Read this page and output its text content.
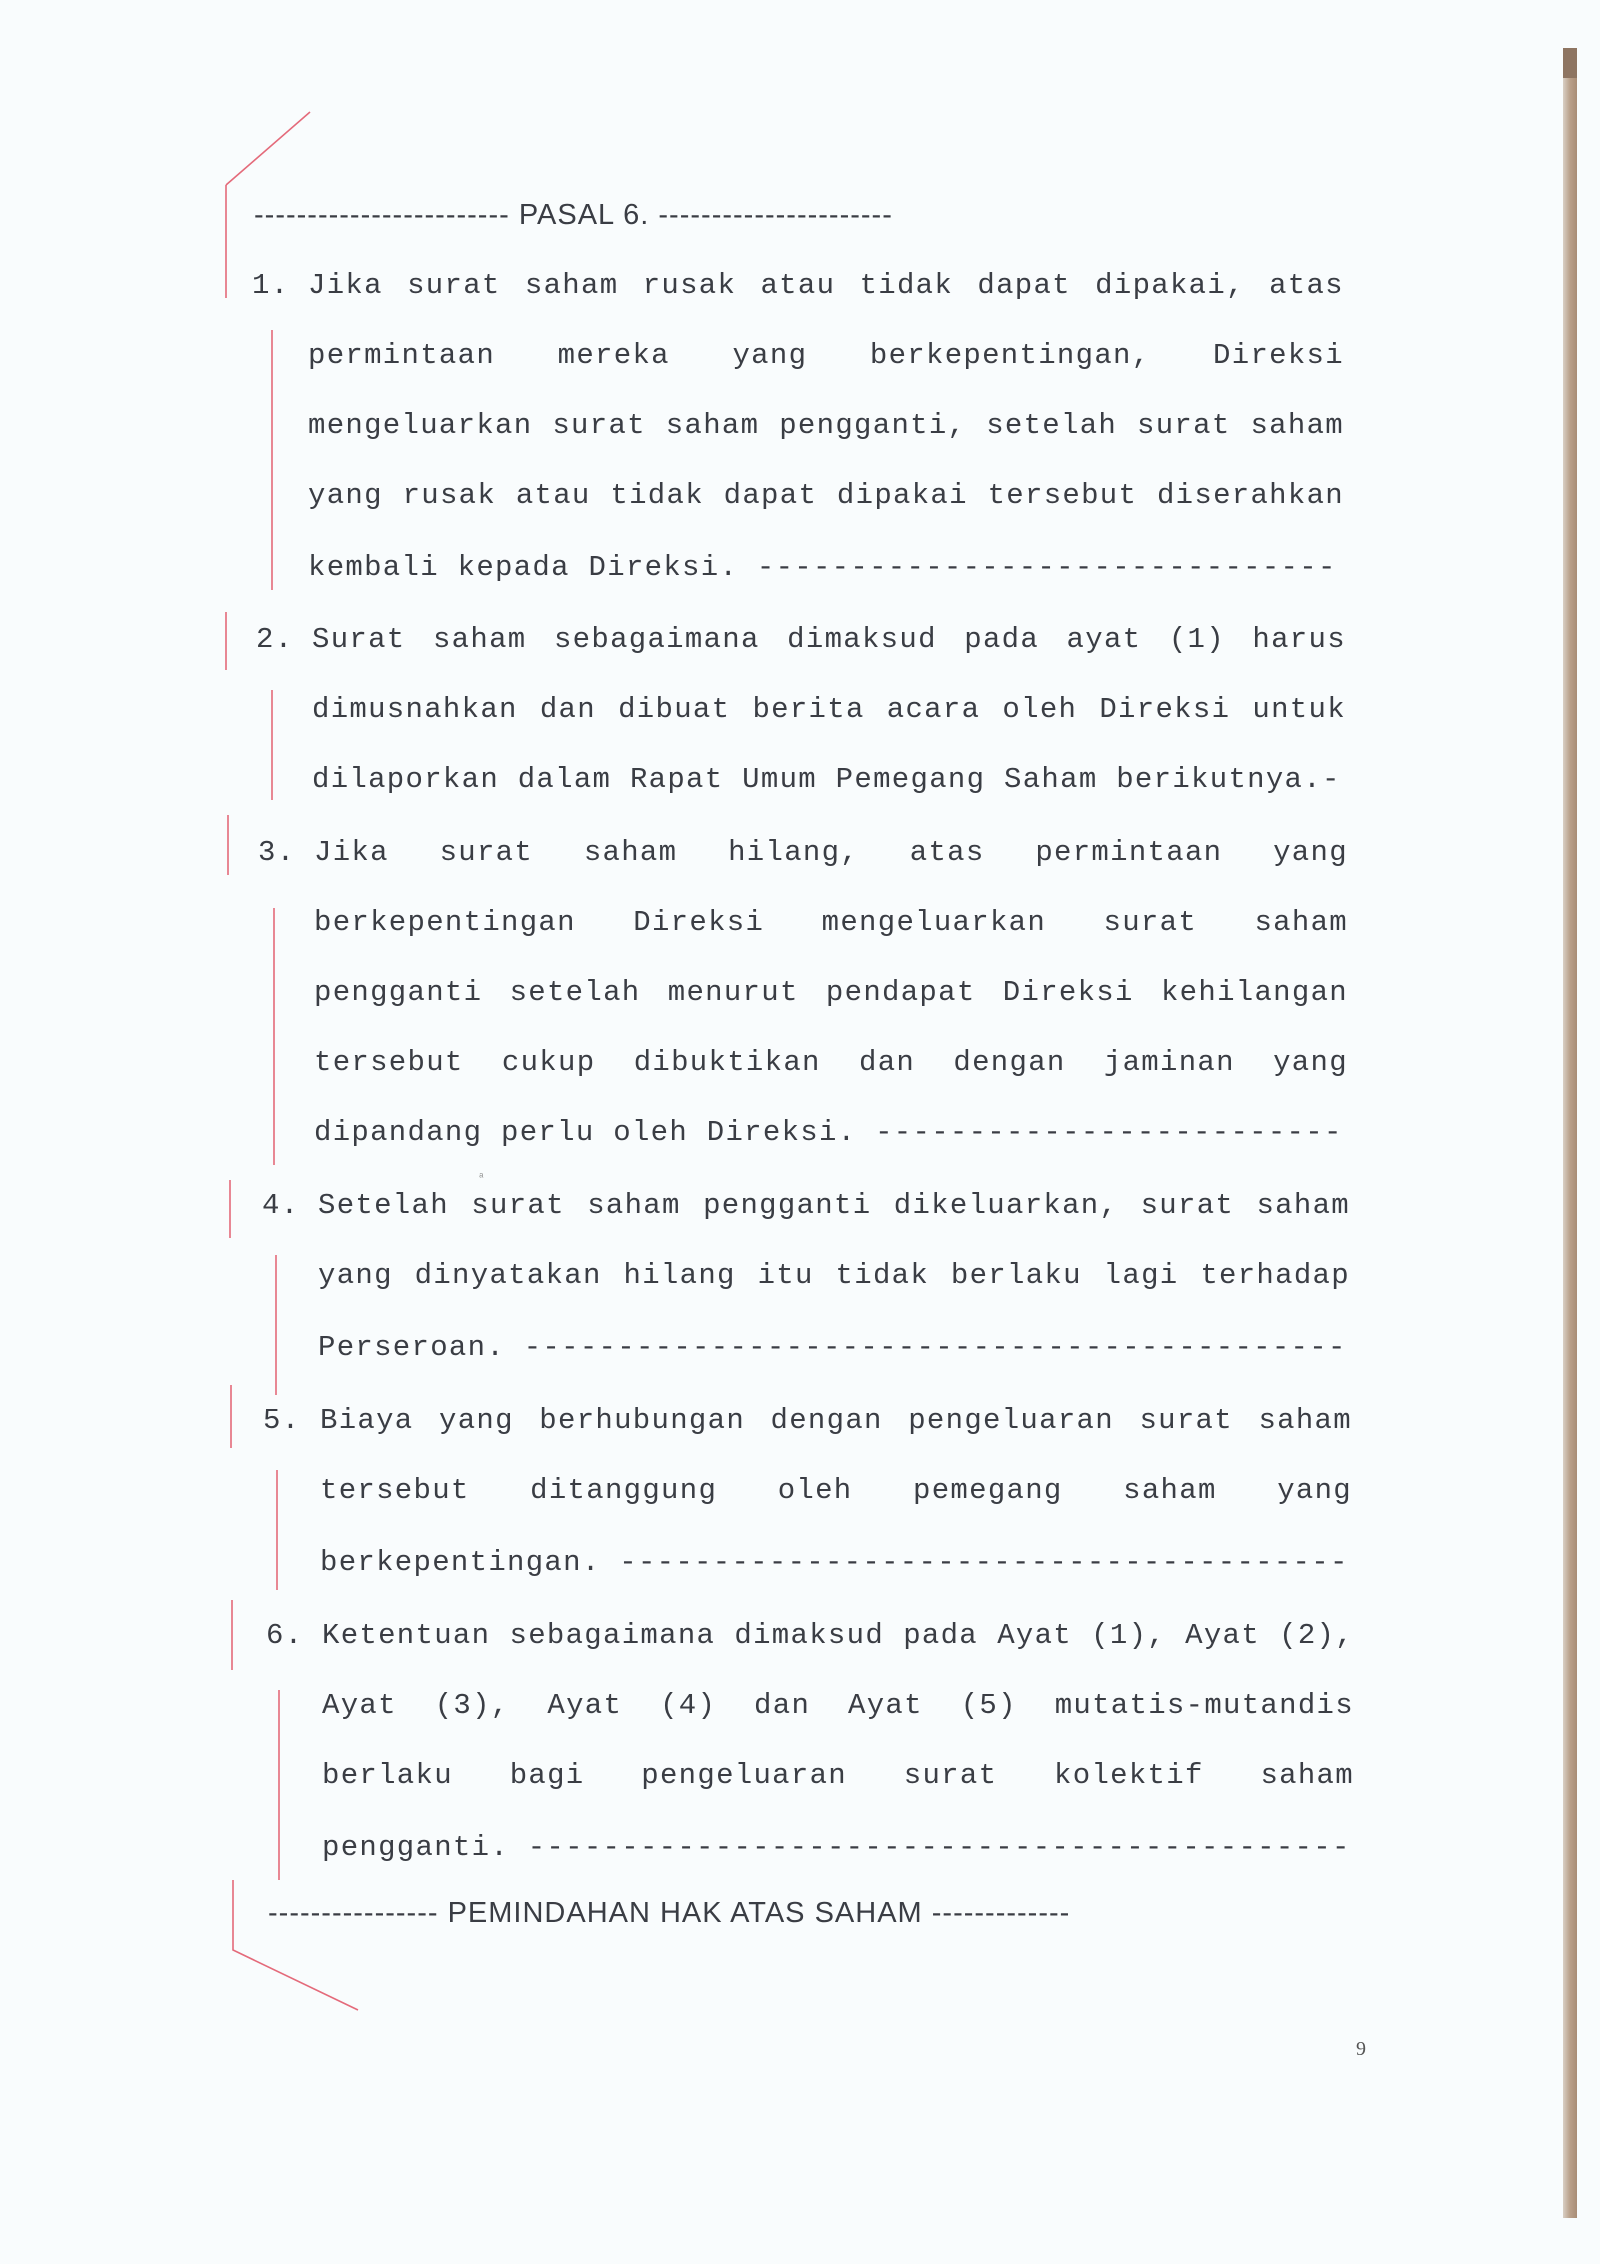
------------------------ PASAL 6. ----------------------
1. Jika surat saham rusak atau tidak dapat dipakai, atas
permintaan mereka yang berkepentingan, Direksi
mengeluarkan surat saham pengganti, setelah surat saham
yang rusak atau tidak dapat dipakai tersebut diserahkan
kembali kepada Direksi. -------------------------------
2. Surat saham sebagaimana dimaksud pada ayat (1) harus
dimusnahkan dan dibuat berita acara oleh Direksi untuk
dilaporkan dalam Rapat Umum Pemegang Saham berikutnya.-
3. Jika surat saham hilang, atas permintaan yang
berkepentingan Direksi mengeluarkan surat saham
pengganti setelah menurut pendapat Direksi kehilangan
tersebut cukup dibuktikan dan dengan jaminan yang
dipandang perlu oleh Direksi. -------------------------
4. Setelah surat saham pengganti dikeluarkan, surat saham
yang dinyatakan hilang itu tidak berlaku lagi terhadap
Perseroan. --------------------------------------------
5. Biaya yang berhubungan dengan pengeluaran surat saham
tersebut ditanggung oleh pemegang saham yang
berkepentingan. ---------------------------------------
6. Ketentuan sebagaimana dimaksud pada Ayat (1), Ayat (2),
Ayat (3), Ayat (4) dan Ayat (5) mutatis-mutandis
berlaku bagi pengeluaran surat kolektif saham
pengganti. --------------------------------------------
---------------- PEMINDAHAN HAK ATAS SAHAM -------------
ᵃ
9
